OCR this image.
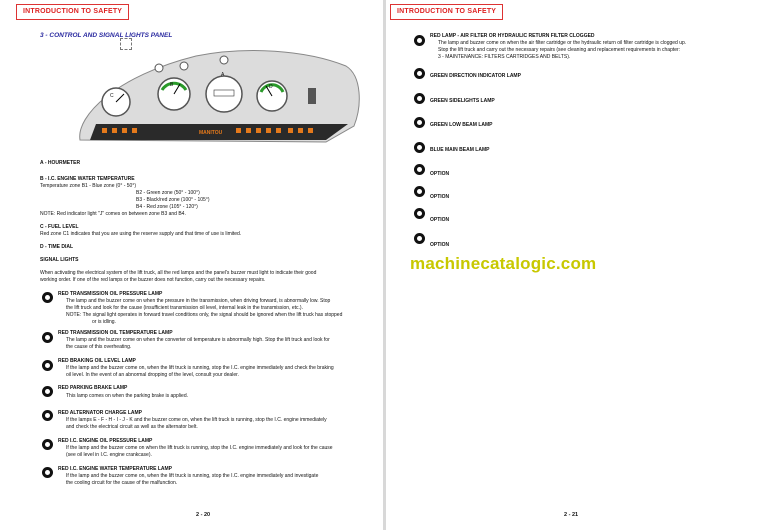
INTRODUCTION TO SAFETY
3 - CONTROL AND SIGNAL LIGHTS PANEL
MANITOU
C
B
A
D
A - HOURMETER
B - I.C. ENGINE WATER TEMPERATURE
Temperature zone B1 - Blue zone (0° - 50°)
B2 - Green zone (50° - 100°)
B3 - Black/red zone (100° - 105°)
B4 - Red zone (105° - 120°)
NOTE: Red indicator light "J" comes on between zone B3 and B4.
C - FUEL LEVEL
Red zone C1 indicates that you are using the reserve supply and that time of use is limited.
D - TIME DIAL
SIGNAL LIGHTS
When activating the electrical system of the lift truck, all the red lamps and the panel's buzzer must light to indicate their good
working order. If one of the red lamps or the buzzer does not function, carry out the necessary repairs.
RED TRANSMISSION OIL PRESSURE LAMP
The lamp and the buzzer come on when the pressure in the transmission, when driving forward, is abnormally low. Stop
the lift truck and look for the cause (insufficient transmission oil level, internal leak in the transmission, etc.).
NOTE: The signal light operates in forward travel conditions only, the signal should be ignored when the lift truck has stopped
or is idling.
RED TRANSMISSION OIL TEMPERATURE LAMP
The lamp and the buzzer come on when the converter oil temperature is abnormally high. Stop the lift truck and look for
the cause of this overheating.
RED BRAKING OIL LEVEL LAMP
If the lamp and the buzzer come on, when the lift truck is running, stop the I.C. engine immediately and check the braking
oil level. In the event of an abnormal dropping of the level, consult your dealer.
RED PARKING BRAKE LAMP
This lamp comes on when the parking brake is applied.
RED ALTERNATOR CHARGE LAMP
If the lamps E - F - H - I - J - K and the buzzer come on, when the lift truck is running, stop the I.C. engine immediately
and check the electrical circuit as well as the alternator belt.
RED I.C. ENGINE OIL PRESSURE LAMP
If the lamp and the buzzer come on when the lift truck is running, stop the I.C. engine immediately and look for the cause
(see oil level in I.C. engine crankcase).
RED I.C. ENGINE WATER TEMPERATURE LAMP
If the lamp and the buzzer come on, when the lift truck is running, stop the I.C. engine immediately and investigate
the cooling circuit for the cause of the malfunction.
2 - 20
INTRODUCTION TO SAFETY
RED LAMP - AIR FILTER OR HYDRAULIC RETURN FILTER CLOGGED
The lamp and buzzer come on when the air filter cartridge or the hydraulic return oil filter cartridge is clogged up.
Stop the lift truck and carry out the necessary repairs (see cleaning and replacement requirements in chapter:
3 - MAINTENANCE: FILTERS CARTRIDGES AND BELTS).
GREEN DIRECTION INDICATOR LAMP
GREEN SIDELIGHTS LAMP
GREEN LOW BEAM LAMP
BLUE MAIN BEAM LAMP
OPTION
OPTION
OPTION
OPTION
2 - 21
machinecatalogic.com
